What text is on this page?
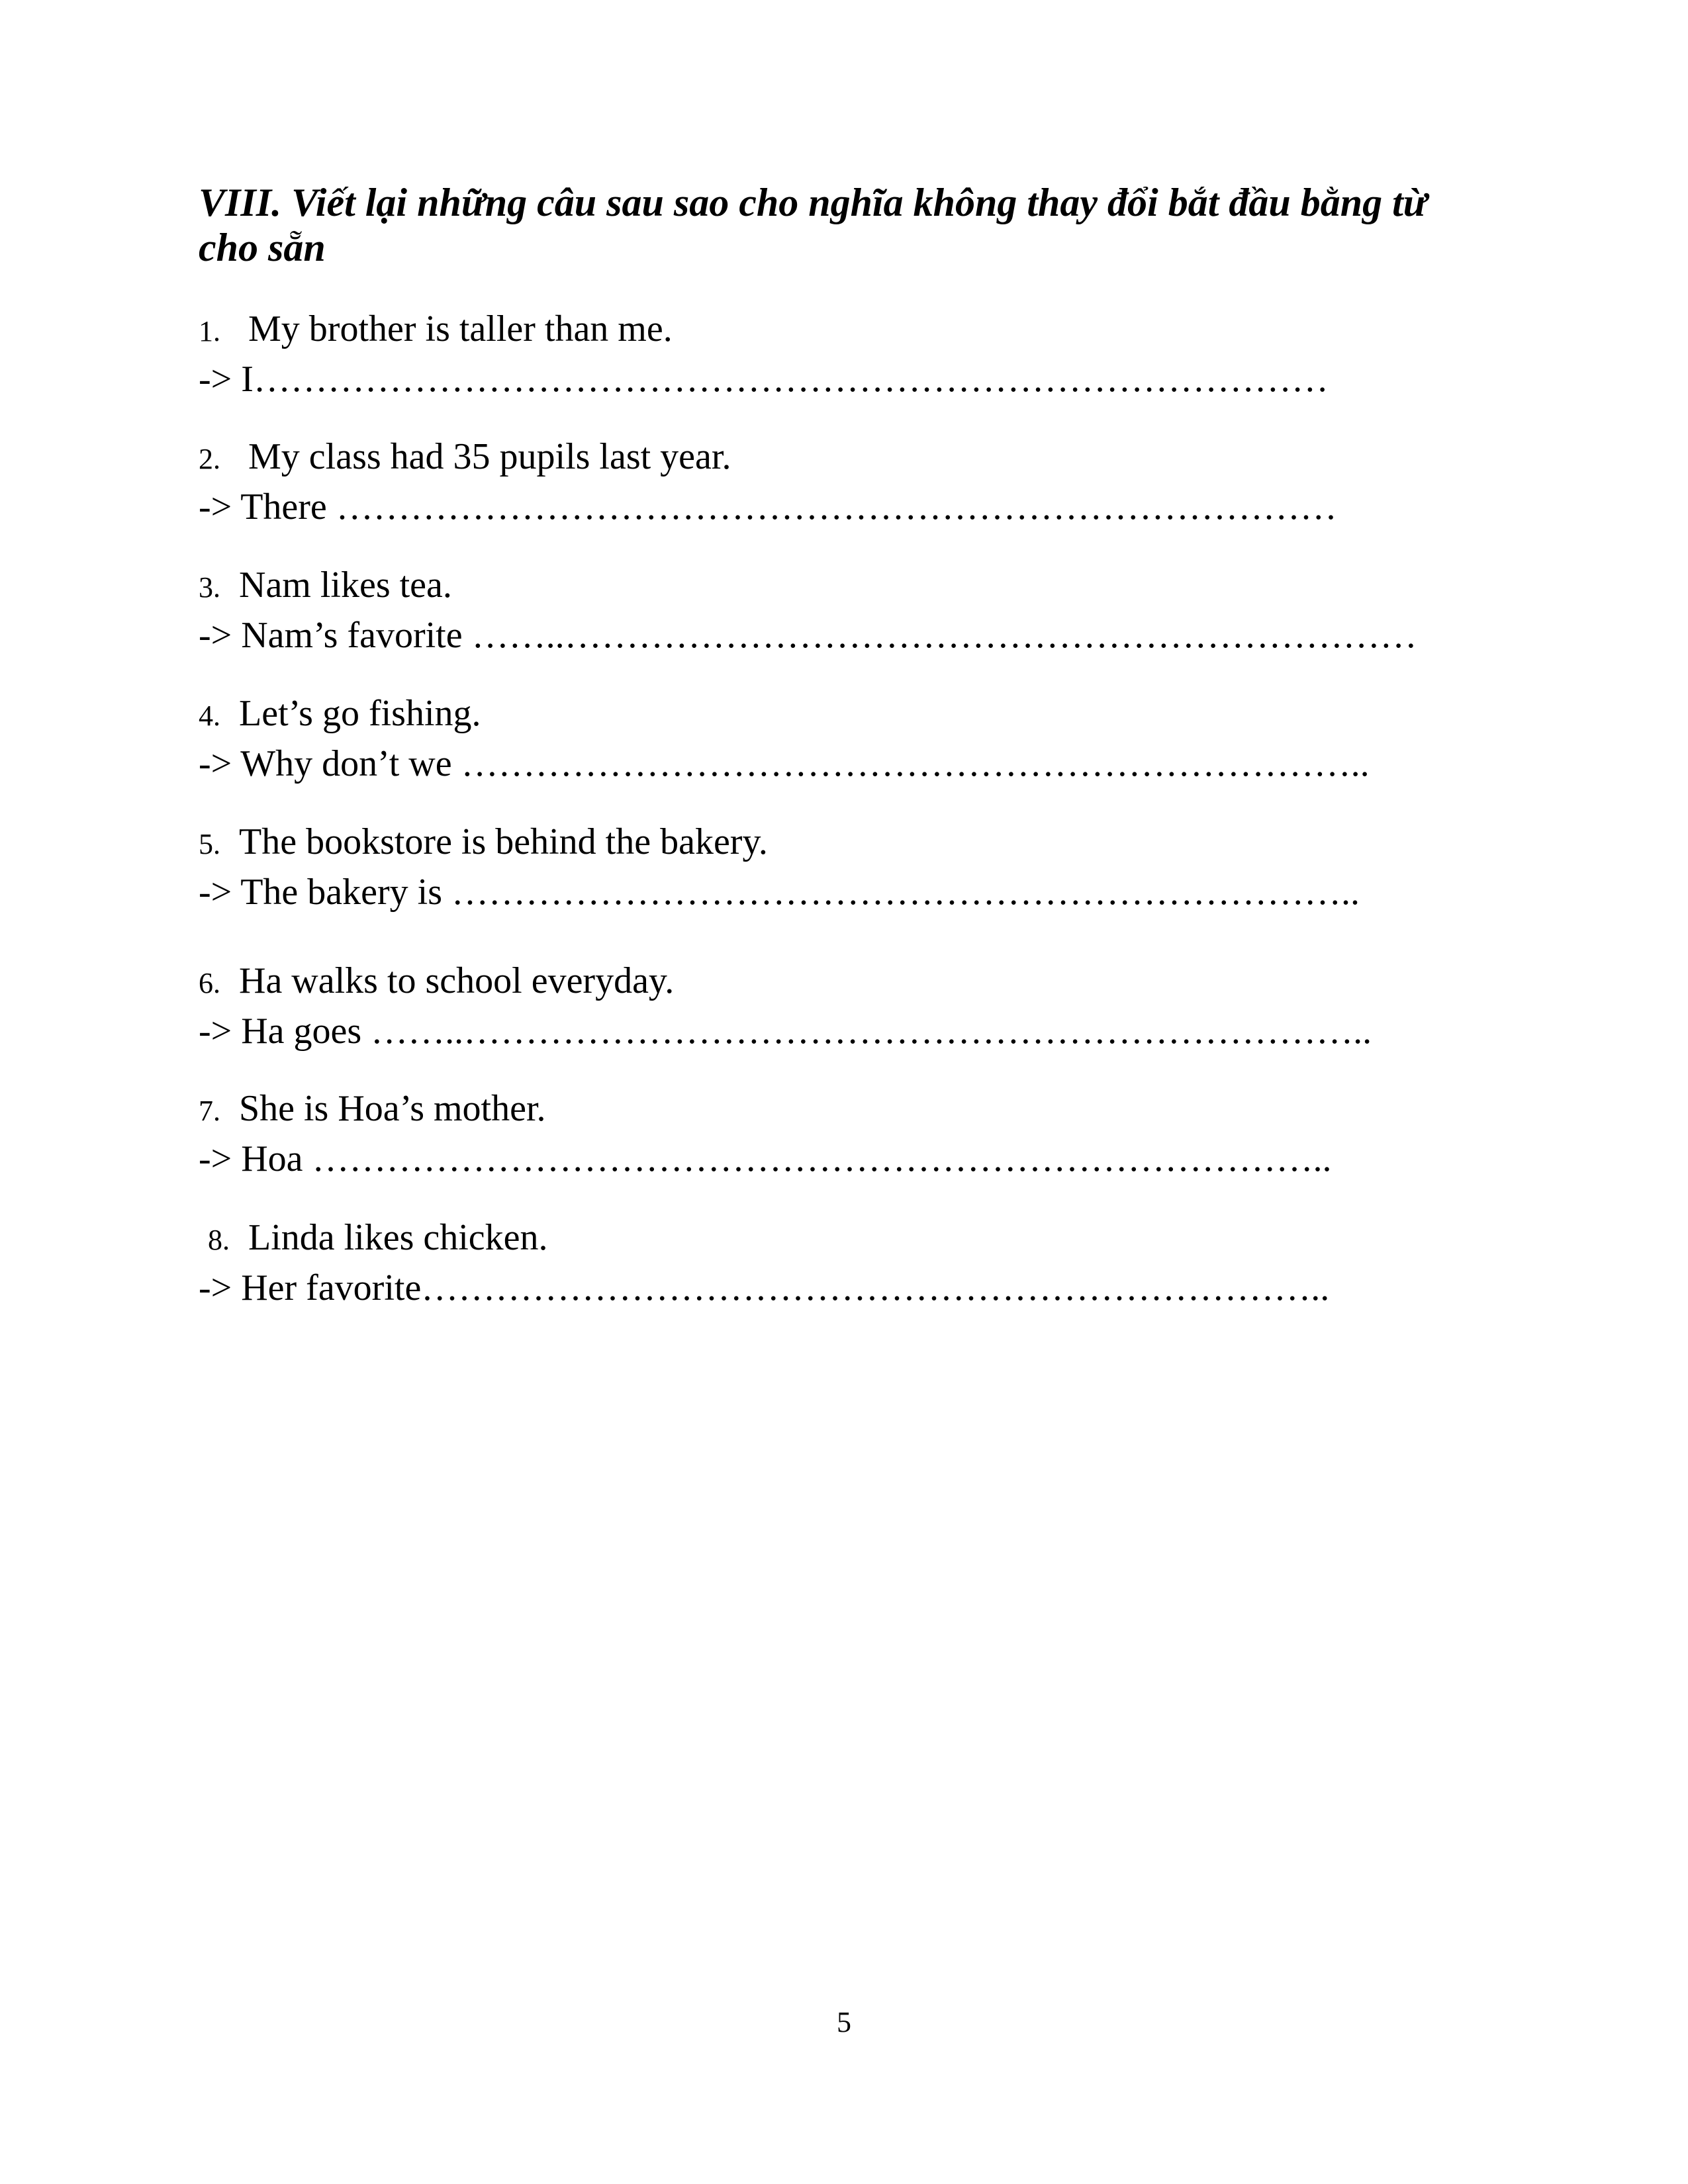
VIII. Viết lại những câu sau sao cho nghĩa không thay đổi bắt đầu bằng từ cho sẵn
1. My brother is taller than me.
-> I……………………………………………………………………………
2. My class had 35 pupils last year.
-> There ………………………………………………………………………
3. Nam likes tea.
-> Nam’s favorite ……..……………………………………………………………
4. Let’s go fishing.
-> Why don’t we ………………………………………………………………..
5. The bookstore is behind the bakery.
-> The bakery is ………………………………………………………………..
6. Ha walks to school everyday.
-> Ha goes ……..………………………………………………………………..
7. She is Hoa’s mother.
-> Hoa ………………………………………………………………………..
8. Linda likes chicken.
-> Her favorite………………………………………………………………..
5
